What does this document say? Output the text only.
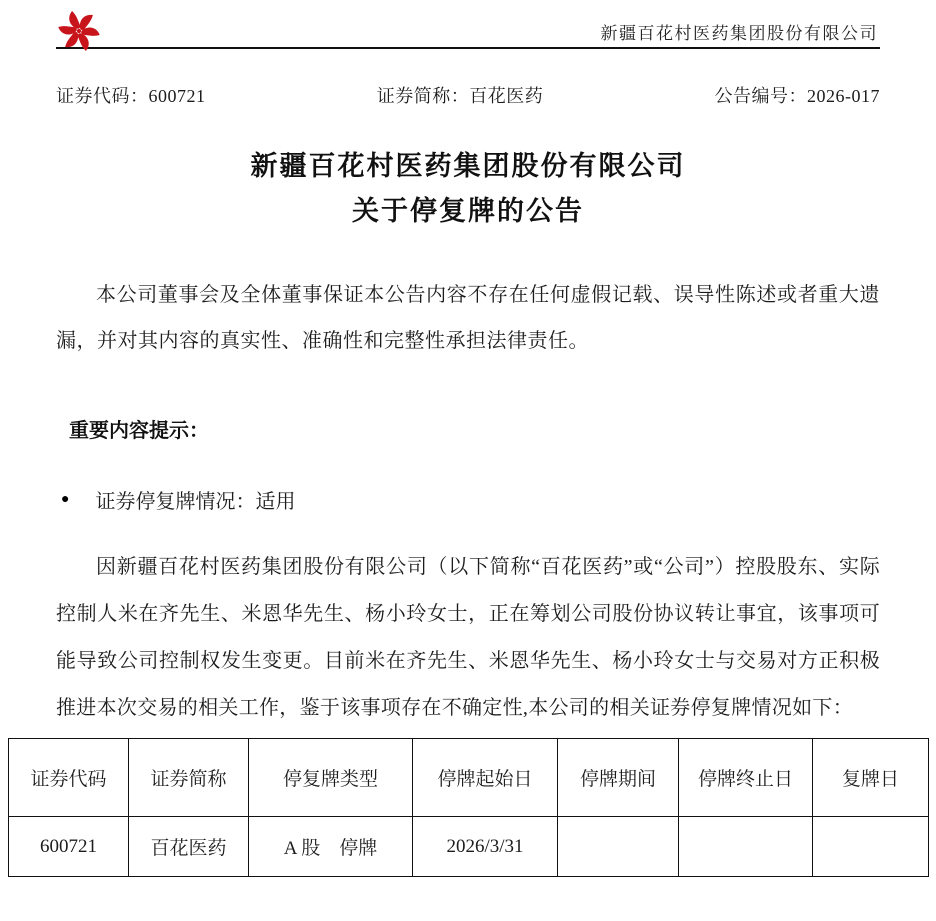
新疆百花村医药集团股份有限公司
证券代码：600721	证券简称：百花医药	公告编号：2026-017
新疆百花村医药集团股份有限公司
关于停复牌的公告

本公司董事会及全体董事保证本公告内容不存在任何虚假记载、误导性陈述或者重大遗漏，并对其内容的真实性、准确性和完整性承担法律责任。

重要内容提示：
● 证券停复牌情况：适用

因新疆百花村医药集团股份有限公司（以下简称“百花医药”或“公司”）控股股东、实际控制人米在齐先生、米恩华先生、杨小玲女士，正在筹划公司股份协议转让事宜，该事项可能导致公司控制权发生变更。目前米在齐先生、米恩华先生、杨小玲女士与交易对方正积极推进本次交易的相关工作，鉴于该事项存在不确定性,本公司的相关证券停复牌情况如下：

证券代码	证券简称	停复牌类型	停牌起始日	停牌期间	停牌终止日	复牌日
600721	百花医药	A 股　停牌	2026/3/31			
